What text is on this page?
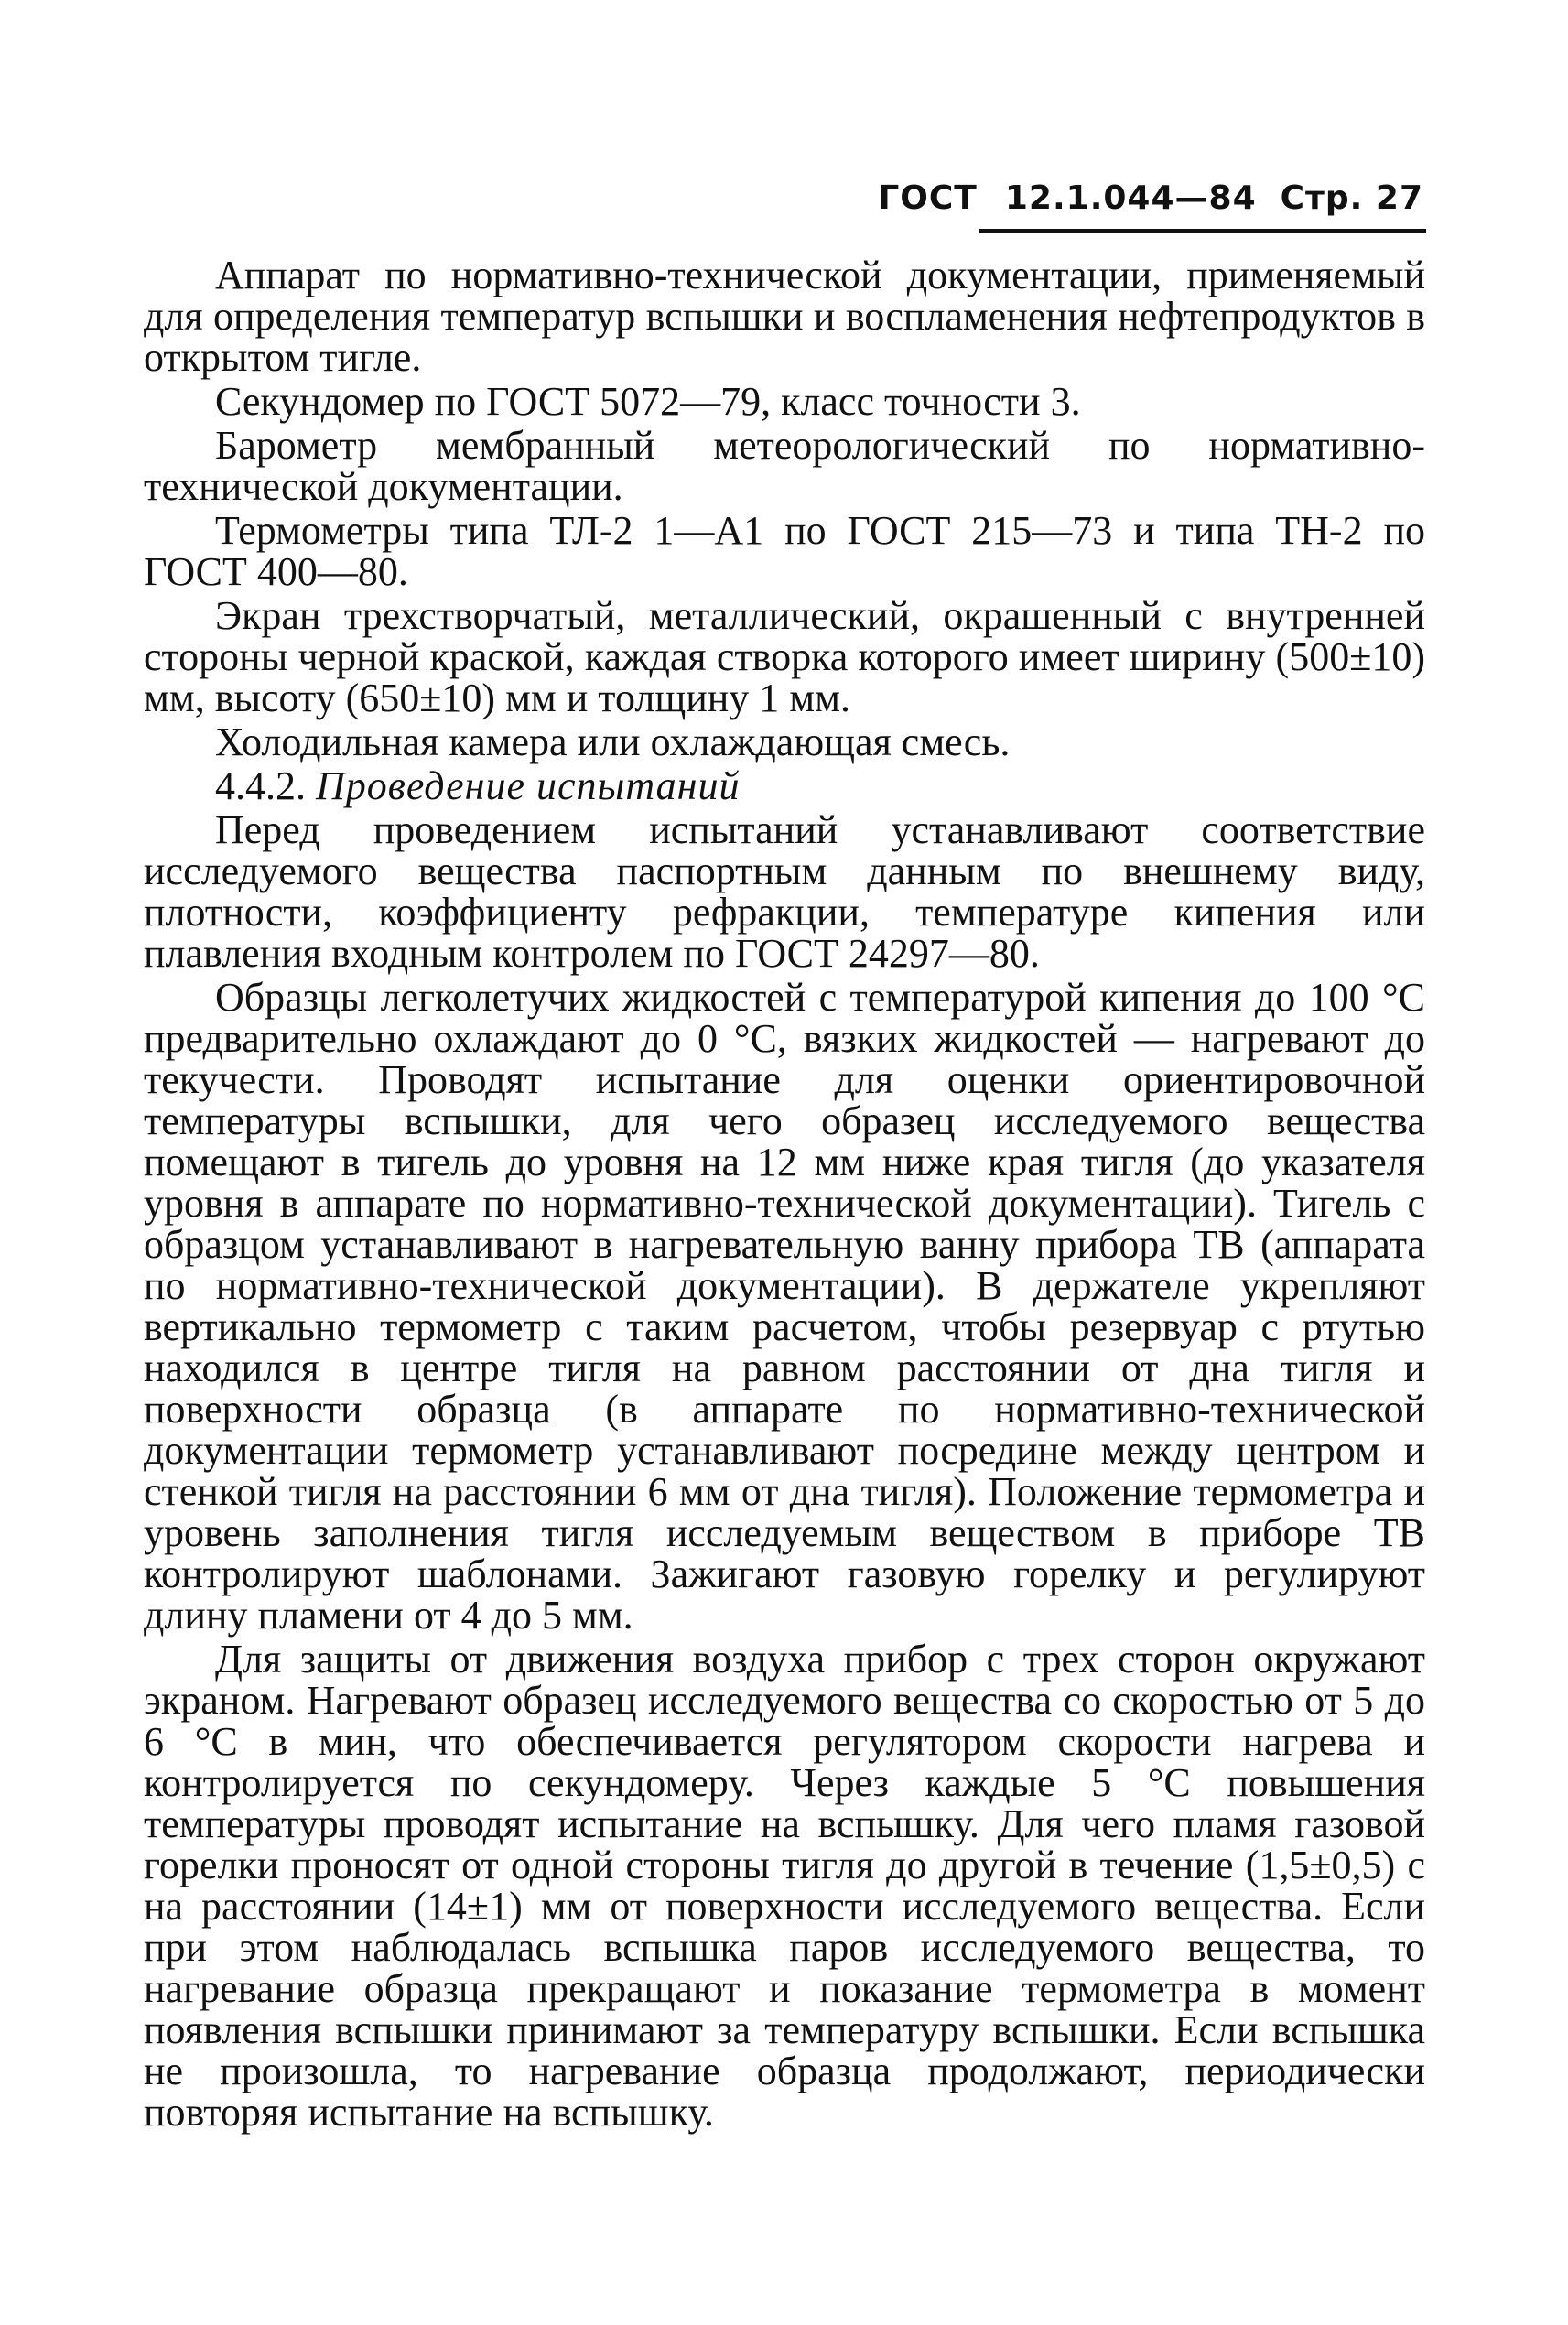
ГОСТ 12.1.044—84 Стр. 27

Аппарат по нормативно-технической документации, применяемый для определения температур вспышки и воспламенения нефтепродуктов в открытом тигле.

Секундомер по ГОСТ 5072—79, класс точности 3.

Барометр мембранный метеорологический по нормативно-технической документации.

Термометры типа ТЛ-2 1—А1 по ГОСТ 215—73 и типа ТН-2 по ГОСТ 400—80.

Экран трехстворчатый, металлический, окрашенный с внутренней стороны черной краской, каждая створка которого имеет ширину (500±10) мм, высоту (650±10) мм и толщину 1 мм.

Холодильная камера или охлаждающая смесь.

4.4.2. Проведение испытаний

Перед проведением испытаний устанавливают соответствие исследуемого вещества паспортным данным по внешнему виду, плотности, коэффициенту рефракции, температуре кипения или плавления входным контролем по ГОСТ 24297—80.

Образцы легколетучих жидкостей с температурой кипения до 100 °С предварительно охлаждают до 0 °С, вязких жидкостей — нагревают до текучести. Проводят испытание для оценки ориентировочной температуры вспышки, для чего образец исследуемого вещества помещают в тигель до уровня на 12 мм ниже края тигля (до указателя уровня в аппарате по нормативно-технической документации). Тигель с образцом устанавливают в нагревательную ванну прибора ТВ (аппарата по нормативно-технической документации). В держателе укрепляют вертикально термометр с таким расчетом, чтобы резервуар с ртутью находился в центре тигля на равном расстоянии от дна тигля и поверхности образца (в аппарате по нормативно-технической документации термометр устанавливают посредине между центром и стенкой тигля на расстоянии 6 мм от дна тигля). Положение термометра и уровень заполнения тигля исследуемым веществом в приборе ТВ контролируют шаблонами. Зажигают газовую горелку и регулируют длину пламени от 4 до 5 мм.

Для защиты от движения воздуха прибор с трех сторон окружают экраном. Нагревают образец исследуемого вещества со скоростью от 5 до 6 °С в мин, что обеспечивается регулятором скорости нагрева и контролируется по секундомеру. Через каждые 5 °С повышения температуры проводят испытание на вспышку. Для чего пламя газовой горелки проносят от одной стороны тигля до другой в течение (1,5±0,5) с на расстоянии (14±1) мм от поверхности исследуемого вещества. Если при этом наблюдалась вспышка паров исследуемого вещества, то нагревание образца прекращают и показание термометра в момент появления вспышки принимают за температуру вспышки. Если вспышка не произошла, то нагревание образца продолжают, периодически повторяя испытание на вспышку.
